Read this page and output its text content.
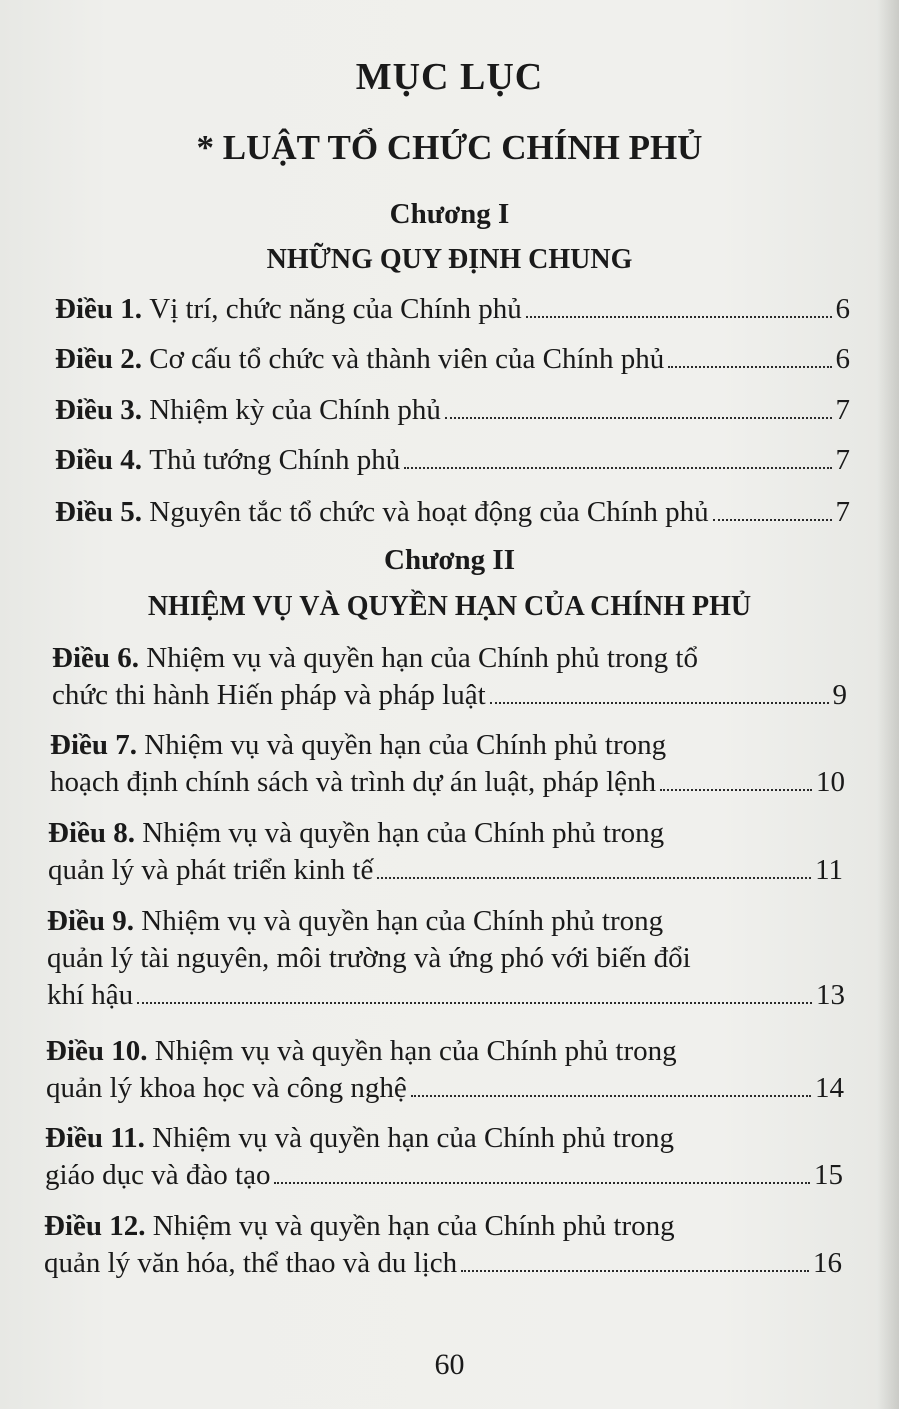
MỤC LỤC
* LUẬT TỔ CHỨC CHÍNH PHỦ
Chương I
NHỮNG QUY ĐỊNH CHUNG
Điều 1.
Vị trí, chức năng của Chính phủ	6
Điều 2.
Cơ cấu tổ chức và thành viên của Chính phủ	6
Điều 3.
Nhiệm kỳ của Chính phủ	7
Điều 4.
Thủ tướng Chính phủ	7
Điều 5.
Nguyên tắc tổ chức và hoạt động của Chính phủ	7
Chương II
NHIỆM VỤ VÀ QUYỀN HẠN CỦA CHÍNH PHỦ
Điều 6.
Nhiệm vụ và quyền hạn của Chính phủ trong tổ
chức thi hành Hiến pháp và pháp luật	9
Điều 7.
Nhiệm vụ và quyền hạn của Chính phủ trong
hoạch định chính sách và trình dự án luật, pháp lệnh	10
Điều 8.
Nhiệm vụ và quyền hạn của Chính phủ trong
quản lý và phát triển kinh tế	11
Điều 9.
Nhiệm vụ và quyền hạn của Chính phủ trong
quản lý tài nguyên, môi trường và ứng phó với biến đổi
khí hậu	13
Điều 10.
Nhiệm vụ và quyền hạn của Chính phủ trong
quản lý khoa học và công nghệ	14
Điều 11.
Nhiệm vụ và quyền hạn của Chính phủ trong
giáo dục và đào tạo	15
Điều 12.
Nhiệm vụ và quyền hạn của Chính phủ trong
quản lý văn hóa, thể thao và du lịch	16
60
